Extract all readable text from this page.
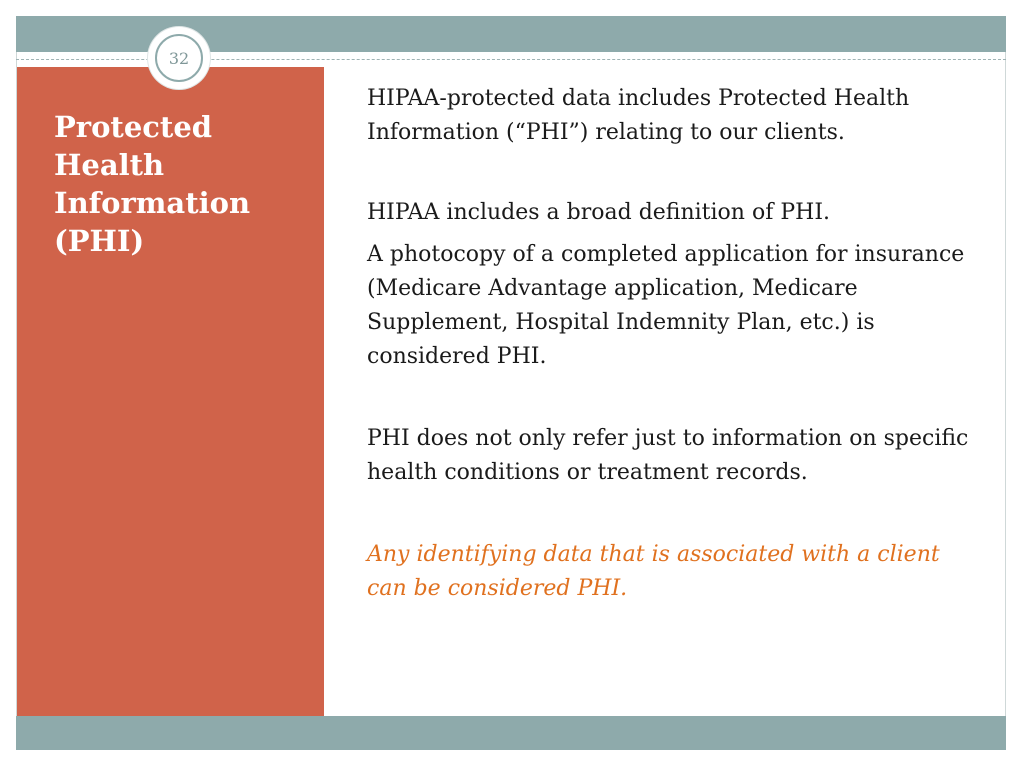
Protected Health Information (PHI)
32

HIPAA-protected data includes Protected Health Information (“PHI”) relating to our clients.

HIPAA includes a broad definition of PHI.

A photocopy of a completed application for insurance (Medicare Advantage application, Medicare Supplement, Hospital Indemnity Plan, etc.) is considered PHI.

PHI does not only refer just to information on specific health conditions or treatment records.

Any identifying data that is associated with a client can be considered PHI.
